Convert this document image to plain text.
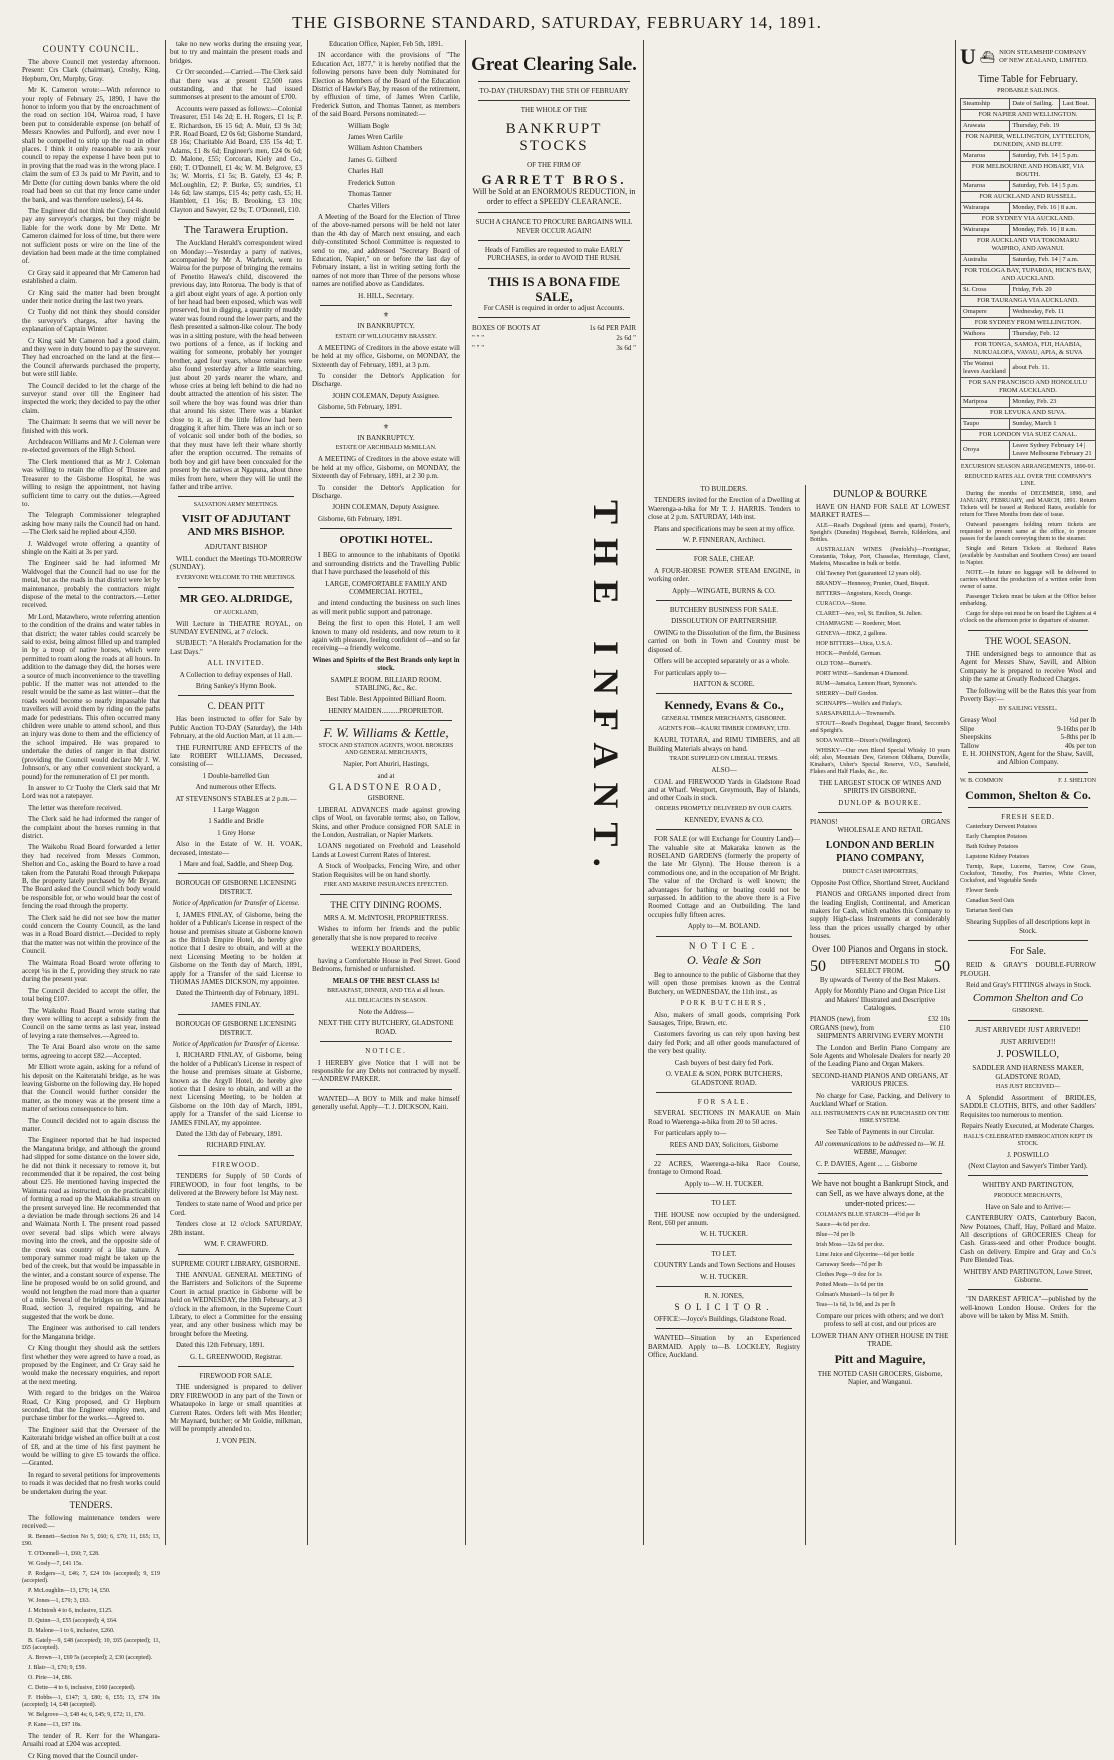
THE GISBORNE STANDARD, SATURDAY, FEBRUARY 14, 1891.
COUNTY COUNCIL.

The above Council met yesterday afternoon. Present: Crs Clark (chairman), Crosby, King, Hepburn, Orr, Murphy, Gray.

Mr K. Cameron wrote:—With reference to your reply of February 25, 1890, I have the honor to inform you that by the encroachment of the road on section 104, Wairoa road, I have been put to considerable expense (on behalf of Messrs Knowles and Pulford), and ever now I shall be compelled to strip up the road in other places. I think it only reasonable to ask your council to repay the expense I have been put to in proving that the road was in the wrong place. I claim the sum of £3 3s paid to Mr Pavitt, and to Mr Dette (for cutting down banks where the old road had been so cut that my fence came under the bank, and was therefore useless), £4 4s.

The Engineer did not think the Council should pay any surveyor's charges, but they might be liable for the work done by Mr Dette. Mr Cameron claimed for loss of time, but there were not sufficient posts or wire on the line of the deviation had been made at the time complained of.

Cr Gray said it appeared that Mr Cameron had established a claim.

Cr King said the matter had been brought under their notice during the last two years.

Cr Tuohy did not think they should consider the surveyor's charges, after having the explanation of Captain Winter.

Cr King said Mr Cameron had a good claim, and they were in duty bound to pay the surveyor. They had encroached on the land at the first—the Council afterwards purchased the property, but were still liable.

The Council decided to let the charge of the surveyor stand over till the Engineer had inspected the work; they decided to pay the other claim.

The Chairman: It seems that we will never be finished with this work.

Archdeacon Williams and Mr J. Coleman were re-elected governors of the High School.

The Clerk mentioned that as Mr J. Coleman was willing to retain the office of Trustee and Treasurer to the Gisborne Hospital, he was willing to resign the appointment, not having sufficient time to carry out the duties.—Agreed to.

The Telegraph Commissioner telegraphed asking how many rails the Council had on hand.—The Clerk said he replied about 4,350.

J. Waldvogel wrote offering a quantity of shingle on the Kaiti at 3s per yard.

The Engineer said he had informed Mr Waldvogel that the Council had no use for the metal, but as the roads in that district were let by maintenance, probably the contractors might dispose of the metal to the contractors.—Letter received.

Mr Lord, Matawhero, wrote referring attention to the condition of the drains and water tables in that district; the water tables could scarcely be said to exist, being almost filled up and trampled in by a troop of native horses, which were permitted to roam along the roads at all hours. In addition to the damage they did, the horses were a source of much inconvenience to the travelling public. If the matter was not attended to the result would be the same as last winter—that the roads would become so nearly impassable that travellers will avoid them by riding on the paths made for pedestrians. This often occurred many children were unable to attend school, and thus an injury was done to them and the efficiency of the school impaired. He was prepared to undertake the duties of ranger in that district (providing the Council would declare Mr J. W. Johnson's, or any other convenient stockyard, a pound) for the remuneration of £1 per month.

In answer to Cr Tuohy the Clerk said that Mr Lord was not a ratepayer.

The letter was therefore received.

The Clerk said he had informed the ranger of the complaint about the horses running in that district.

The Waikohu Road Board forwarded a letter they had received from Messrs Common, Shelton and Co., asking the Board to have a road taken from the Patutahi Road through Pukepapa B, the property lately purchased by Mr Bryant. The Board asked the Council which body would be responsible for, or who would bear the cost of fencing the road through the property.

The Clerk said he did not see how the matter could concern the County Council, as the land was in a Road Board district.—Decided to reply that the matter was not within the province of the Council.

The Waimata Road Board wrote offering to accept ¼s in the £, providing they struck no rate during the present year.

The Council decided to accept the offer, the total being £107.

The Waikohu Road Board wrote stating that they were willing to accept a subsidy from the Council on the same terms as last year, instead of levying a rate themselves.—Agreed to.

The Te Arai Board also wrote on the same terms, agreeing to accept £82.—Accepted.

Mr Elliott wrote again, asking for a refund of his deposit on the Kaiteratahi bridge, as he was leaving Gisborne on the following day. He hoped that the Council would further consider the matter, as the money was at the present time a matter of serious consequence to him.

The Council decided not to again discuss the matter.

The Engineer reported that he had inspected the Mangatuna bridge, and although the ground had slipped for some distance on the lower side, he did not think it necessary to remove it, but recommended that it be repaired, the cost being about £25. He mentioned having inspected the Waimata road as instructed, on the practicability of forming a road up the Makakahika stream on the present surveyed line. He recommended that a deviation be made through sections 26 and 14 and Waimata North I. The present road passed over several bad slips which were always moving into the creek, and the opposite side of the creek was country of a like nature. A temporary summer road might be taken up the bed of the creek, but that would be impassable in the winter, and a constant source of expense. The line he proposed would be on solid ground, and would not lengthen the road more than a quarter of a mile. Several of the bridges on the Waimata Road, section 3, required repairing, and he suggested that the work be done.

The Engineer was authorised to call tenders for the Mangatuna bridge.

Cr King thought they should ask the settlers first whether they were agreed to have a road, as proposed by the Engineer, and Cr Gray said he would make the necessary enquiries, and report at the next meeting.

With regard to the bridges on the Wairoa Road, Cr King proposed, and Cr Hepburn seconded, that the Engineer employ men, and purchase timber for the works.—Agreed to.

The Engineer said that the Overseer of the Kaiteratahi bridge wished an office built at a cost of £8, and at the time of his first payment he would be willing to give £5 towards the office.—Granted.

In regard to several petitions for improvements to roads it was decided that no fresh works could be undertaken during the year.

TENDERS.

The following maintenance tenders were received:—

R. Bennett—Section No 5, £60; 6, £70; 11, £65; 13, £90.

T. O'Donnell—1, £60; 7, £28.

W. Gosly—7, £41 15s.

P. Rodgers—3, £46; 7, £24 10s (accepted); 9, £19 (accepted).

P. McLoughlin—13, £79; 14, £50.

W. Jones—1, £79; 3, £63.

J. McIntosh 4 to 6, inclusive, £125.

D. Quinn—3, £55 (accepted); 4, £64.

D. Malone—1 to 6, inclusive, £260.

B. Gately—9, £48 (accepted); 10, £65 (accepted); 11, £65 (accepted).

A. Brown—1, £69 5s (accepted); 2, £30 (accepted).

J. Blair—3, £70; 9, £59.

O. Pirie—14, £86.

C. Dette—4 to 6, inclusive, £160 (accepted).

F. Hobbs—1, £147; 3, £80; 6, £55; 13, £74 10s (accepted); 14, £48 (accepted).

W. Belgrove—3, £48 4s; 6, £45; 9, £72; 11, £70.

P. Kane—13, £97 18s.

The tender of R. Kerr for the Whangara-Aruaihi road at £204 was accepted.

Cr King moved that the Council under-

take no new works during the ensuing year, but to try and maintain the present roads and bridges.

Cr Orr seconded.—Carried.—The Clerk said that there was at present £2,500 rates outstanding, and that he had issued summonses at present to the amount of £700.

Accounts were passed as follows:—Colonial Treasurer, £51 14s 2d; E. H. Rogers, £1 1s; P. E. Richardson, £6 15 6d; A. Muir, £3 9s 3d; P.R. Road Board, £2 0s 6d; Gisborne Standard, £8 16s; Charitable Aid Board, £35 15s 4d; T. Adams, £1 8s 6d; Engineer's men, £24 0s 6d; D. Malone, £55; Corcoran, Kiely and Co., £60; T. O'Donnell, £1 4s; W. M. Belgrove, £3 3s; W. Morris, £1 5s; B. Gately, £3 4s; P. McLoughlin, £2; P. Burke, £5; sundries, £1 14s 6d; law stamps, £15 4s; petty cash, £5; H. Hamblett, £1 16s; B. Brooking, £3 10s; Clayton and Sawyer, £2 9s; T. O'Donnell, £10.

The Tarawera Eruption.

The Auckland Herald's correspondent wired on Monday:—Yesterday a party of natives, accompanied by Mr A. Warbrick, went to Wairoa for the purpose of bringing the remains of Penetito Hawea's child, discovered the previous day, into Rotorua. The body is that of a girl about eight years of age. A portion only of her head had been exposed, which was well preserved, but in digging, a quantity of muddy water was found round the lower parts, and the flesh presented a salmon-like colour. The body was in a sitting posture, with the head between two portions of a fence, as if locking and waiting for someone, probably her younger brother, aged four years, whose remains were also found yesterday after a little searching, just about 20 yards nearer the whare, and whose cries at being left behind to die had no doubt attracted the attention of his sister. The soil where the boy was found was drier than that around his sister. There was a blanket close to it, as if the little fellow had been dragging it after him. There was an inch or so of volcanic soil under both of the bodies, so that they must have left their whare shortly after the eruption occurred. The remains of both boy and girl have been concealed for the present by the natives at Ngapuna, about three miles from here, where they will lie until the father and tribe arrive.

SALVATION ARMY MEETINGS.

VISIT OF ADJUTANT AND MRS BISHOP.

ADJUTANT BISHOP

WILL conduct the Meetings TO-MORROW (SUNDAY).

EVERYONE WELCOME TO THE MEETINGS.

MR GEO. ALDRIDGE,

OF AUCKLAND,

Will Lecture in THEATRE ROYAL, on SUNDAY EVENING, at 7 o'clock.

SUBJECT: "A Herald's Proclamation for the Last Days."

ALL INVITED.

A Collection to defray expenses of Hall.

Bring Sankey's Hymn Book.

C. DEAN PITT

Has been instructed to offer for Sale by Public Auction TO-DAY (Saturday), the 14th February, at the old Auction Mart, at 11 a.m.—

THE FURNITURE AND EFFECTS of the late ROBERT WILLIAMS, Deceased, consisting of—

1 Double-barrelled Gun

And numerous other Effects.

AT STEVENSON'S STABLES at 2 p.m.—

1 Large Waggon

1 Saddle and Bridle

1 Grey Horse

Also in the Estate of W. H. VOAK, deceased, intestate—

1 Mare and foal, Saddle, and Sheep Dog.

BOROUGH OF GISBORNE LICENSING DISTRICT.

Notice of Application for Transfer of License.

I, JAMES FINLAY, of Gisborne, being the holder of a Publican's License in respect of the house and premises situate at Gisborne known as the British Empire Hotel, do hereby give notice that I desire to obtain, and will at the next Licensing Meeting to be holden at Gisborne on the Tenth day of March, 1891, apply for a Transfer of the said License to THOMAS JAMES DICKSON, my appointee.

Dated the Thirteenth day of February, 1891.

JAMES FINLAY.

BOROUGH OF GISBORNE LICENSING DISTRICT.

Notice of Application for Transfer of License.

I, RICHARD FINLAY, of Gisborne, being the holder of a Publican's License in respect of the house and premises situate at Gisborne, known as the Argyll Hotel, do hereby give notice that I desire to obtain, and will at the next Licensing Meeting, to be holden at Gisborne on the 10th day of March, 1891, apply for a Transfer of the said License to JAMES FINLAY, my appointee.

Dated the 13th day of February, 1891.

RICHARD FINLAY.

FIREWOOD.

TENDERS for Supply of 50 Cords of FIREWOOD, in four foot lengths, to be delivered at the Brewery before 1st May next.

Tenders to state name of Wood and price per Cord.

Tenders close at 12 o'clock SATURDAY, 28th instant.

WM. F. CRAWFORD.

SUPREME COURT LIBRARY, GISBORNE.

THE ANNUAL GENERAL MEETING of the Barristers and Solicitors of the Supreme Court in actual practice in Gisborne will be held on WEDNESDAY, the 18th February, at 3 o'clock in the afternoon, in the Supreme Court Library, to elect a Committee for the ensuing year, and any other business which may be brought before the Meeting.

Dated this 12th February, 1891.

G. L. GREENWOOD, Registrar.

FIREWOOD FOR SALE.

THE undersigned is prepared to deliver DRY FIREWOOD in any part of the Town or Whataupoko in large or small quantities at Current Rates. Orders left with Mrs Hentler; Mr Maynard, butcher; or Mr Goldie, milkman, will be promptly attended to.

J. VON PEIN.

Education Office, Napier, Feb 5th, 1891.

IN accordance with the provisions of "The Education Act, 1877," it is hereby notified that the following persons have been duly Nominated for Election as Members of the Board of the Education District of Hawke's Bay, by reason of the retirement, by effluxion of time, of James Wren Carlile, Frederick Sutton, and Thomas Tanner, as members of the said Board. Persons nominated:—

William Bogle

James Wren Carlile

William Ashton Chambers

James G. Gilberd

Charles Hall

Frederick Sutton

Thomas Tanner

Charles Villers

A Meeting of the Board for the Election of Three of the above-named persons will be held not later than the 4th day of March next ensuing, and each duly-constituted School Committee is requested to send to me, and addressed "Secretary Board of Education, Napier," on or before the last day of February instant, a list in writing setting forth the names of not more than Three of the persons whose names are notified above as Candidates.

H. HILL, Secretary.

⚜

IN BANKRUPTCY.

ESTATE OF WILLOUGHBY BRASSEY.

A MEETING of Creditors in the above estate will be held at my office, Gisborne, on MONDAY, the Sixteenth day of February, 1891, at 3 p.m.

To consider the Debtor's Application for Discharge.

JOHN COLEMAN, Deputy Assignee.

Gisborne, 5th February, 1891.

⚜

IN BANKRUPTCY.

ESTATE OF ARCHIBALD McMILLAN.

A MEETING of Creditors in the above estate will be held at my office, Gisborne, on MONDAY, the Sixteenth day of February, 1891, at 2 30 p.m.

To consider the Debtor's Application for Discharge.

JOHN COLEMAN, Deputy Assignee.

Gisborne, 6th February, 1891.

OPOTIKI HOTEL.

I BEG to announce to the inhabitants of Opotiki and surrounding districts and the Travelling Public that I have purchased the leasehold of this

LARGE, COMFORTABLE FAMILY AND COMMERCIAL HOTEL,

and intend conducting the business on such lines as will merit public support and patronage.

Being the first to open this Hotel, I am well known to many old residents, and now return to it again with pleasure, feeling confident of—and so far receiving—a friendly welcome.

Wines and Spirits of the Best Brands only kept in stock.

SAMPLE ROOM. BILLIARD ROOM. STABLING, &c., &c.

Best Table. Best Appointed Billiard Room.

HENRY MAIDEN..........PROPRIETOR.

F. W. Williams & Kettle,

STOCK AND STATION AGENTS, WOOL BROKERS AND GENERAL MERCHANTS,

Napier, Port Ahuriri, Hastings,

and at

GLADSTONE ROAD,

GISBORNE.

LIBERAL ADVANCES made against growing clips of Wool, on favorable terms; also, on Tallow, Skins, and other Produce consigned FOR SALE in the London, Australian, or Napier Markets.

LOANS negotiated on Freehold and Leasehold Lands at Lowest Current Rates of Interest.

A Stock of Woolpacks, Fencing Wire, and other Station Requisites will be on hand shortly.

FIRE AND MARINE INSURANCES EFFECTED.

THE CITY DINING ROOMS.

MRS A. M. McINTOSH, PROPRIETRESS.

Wishes to inform her friends and the public generally that she is now prepared to receive

WEEKLY BOARDERS,

having a Comfortable House in Peel Street. Good Bedrooms, furnished or unfurnished.

MEALS OF THE BEST CLASS 1s!

BREAKFAST, DINNER, AND TEA at all hours.

ALL DELICACIES IN SEASON.

Note the Address—

NEXT THE CITY BUTCHERY, GLADSTONE ROAD.

NOTICE.

I HEREBY give Notice that I will not be responsible for any Debts not contracted by myself.—ANDREW PARKER.

WANTED—A BOY to Milk and make himself generally useful. Apply—T. J. DICKSON, Kaiti.

Great Clearing Sale.

TO-DAY (THURSDAY) THE 5TH OF FEBRUARY

THE WHOLE OF THE

BANKRUPT STOCKS

OF THE FIRM OF

GARRETT BROS.

Will be Sold at an ENORMOUS REDUCTION, in order to effect a SPEEDY CLEARANCE.

SUCH A CHANCE TO PROCURE BARGAINS WILL NEVER OCCUR AGAIN!

Heads of Families are requested to make EARLY PURCHASES, in order to AVOID THE RUSH.

THIS IS A BONA FIDE SALE,

For CASH is required in order to adjust Accounts.

BOXES OF BOOTS AT	1s 6d PER PAIR
" " "	2s 6d "
" " "	3s 6d "
THE INFANT.

TO BUILDERS.

TENDERS invited for the Erection of a Dwelling at Waerenga-a-hika for Mr T. J. HARRIS. Tenders to close at 2 p.m. SATURDAY, 14th inst.

Plans and specifications may be seen at my office.

W. P. FINNERAN, Architect.

FOR SALE, CHEAP.

A FOUR-HORSE POWER STEAM ENGINE, in working order.

Apply—WINGATE, BURNS & CO.

BUTCHERY BUSINESS FOR SALE.

DISSOLUTION OF PARTNERSHIP.

OWING to the Dissolution of the firm, the Business carried on both in Town and Country must be disposed of.

Offers will be accepted separately or as a whole.

For particulars apply to—

HATTON & SCORE.

Kennedy, Evans & Co.,

GENERAL TIMBER MERCHANTS, GISBORNE.

AGENTS FOR—KAURI TIMBER COMPANY, LTD.

KAURI, TOTARA, and RIMU TIMBERS, and all Building Materials always on hand.

TRADE SUPPLIED ON LIBERAL TERMS.

ALSO—

COAL and FIREWOOD Yards in Gladstone Road and at Wharf. Westport, Greymouth, Bay of Islands, and other Coals in stock.

ORDERS PROMPTLY DELIVERED BY OUR CARTS.

KENNEDY, EVANS & CO.

FOR SALE (or will Exchange for Country Land)—The valuable site at Makaraka known as the ROSELAND GARDENS (formerly the property of the late Mr Glynn). The House thereon is a commodious one, and in the occupation of Mr Bright. The value of the Orchard is well known; the advantages for bathing or boating could not be surpassed. In addition to the above there is a Five Roomed Cottage and an Outbuilding. The land occupies fully fifteen acres.

Apply to—M. BOLAND.

NOTICE.

O. Veale & Son

Beg to announce to the public of Gisborne that they will open those premises known as the Central Butchery, on WEDNESDAY, the 11th inst., as

PORK BUTCHERS,

Also, makers of small goods, comprising Pork Sausages, Tripe, Brawn, etc.

Customers favoring us can rely upon having best dairy fed Pork; and all other goods manufactured of the very best quality.

Cash buyers of best dairy fed Pork.

O. VEALE & SON, PORK BUTCHERS, GLADSTONE ROAD.

FOR SALE.

SEVERAL SECTIONS IN MAKAUE on Main Road to Waerenga-a-hika from 20 to 50 acres.

For particulars apply to—

REES AND DAY, Solicitors, Gisborne

22 ACRES, Waerenga-a-hika Race Course, frontage to Ormond Road.

Apply to—W. H. TUCKER.

TO LET.

THE HOUSE now occupied by the undersigned. Rent, £60 per annum.

W. H. TUCKER.

TO LET.

COUNTRY Lands and Town Sections and Houses

W. H. TUCKER.

R. N. JONES,

SOLICITOR.

OFFICE:—Joyce's Buildings, Gladstone Road.

WANTED—Situation by an Experienced BARMAID. Apply to—B. LOCKLEY, Registry Office, Auckland.

DUNLOP & BOURKE

HAVE ON HAND FOR SALE AT LOWEST MARKET RATES—

ALE—Read's Dogshead (pints and quarts), Foster's, Speight's (Dunedin) Hogshead, Barrels, Kilderkins, and Bottles.

AUSTRALIAN WINES (Penfold's)—Frontignac, Constantia, Tokay, Port, Chasselas, Hermitage, Claret, Madeira, Muscadine in bulk or bottle.

Old Tawney Port (guaranteed 12 years old).

BRANDY—Hennessy, Prunier, Otard, Bisquit.

BITTERS—Angostura, Kocch, Orange.

CURACOA—Stone.

CLARET—two, vol, St. Emilion, St. Julien.

CHAMPAGNE — Roederer, Moet.

GENEVA—JDKZ, 2 gallons.

HOP BITTERS—Utica, U.S.A.

HOCK—Penfold, German.

OLD TOM—Burnett's.

PORT WINE—Sandeman 4 Diamond.

RUM—Jamaica, Lemon Heart, Symons's.

SHERRY—Duff Gordon.

SCHNAPPS—Wolfe's and Finlay's.

SARSAPARILLA—Townsend's.

STOUT—Read's Dogshead, Dagger Brand, Seccomb's and Speight's.

SODA WATER—Dixon's (Wellington).

WHISKY—Our own Blend Special Whisky 10 years old; also, Mountain Dew, Grierson Oldhams, Dunville, Kinahan's, Usher's Special Reserve, V.O., Sansfield, Flakes and Half Flasks, &c., &c.

THE LARGEST STOCK OF WINES AND SPIRITS IN GISBORNE.

DUNLOP & BOURKE.

PIANOS!	ORGANS

WHOLESALE AND RETAIL

LONDON AND BERLIN PIANO COMPANY,

DIRECT CASH IMPORTERS,

Opposite Post Office, Shortland Street, Auckland

PIANOS and ORGANS imported direct from the leading English, Continental, and American makers for Cash, which enables this Company to supply High-class Instruments at considerably less than the prices usually charged by other houses.

Over 100 Pianos and Organs in stock.

50	DIFFERENT MODELS TO SELECT FROM.	50

By upwards of Twenty of the Best Makers.

Apply for Monthly Piano and Organ Price List and Makers' Illustrated and Descriptive Catalogues.

PIANOS (new), from	£32 10s
ORGANS (new), from	£10

SHIPMENTS ARRIVING EVERY MONTH

The London and Berlin Piano Company are Sole Agents and Wholesale Dealers for nearly 20 of the Leading Piano and Organ Makers.

SECOND-HAND PIANOS AND ORGANS, AT VARIOUS PRICES.

No charge for Case, Packing, and Delivery to Auckland Wharf or Station.

ALL INSTRUMENTS CAN BE PURCHASED ON THE HIRE SYSTEM.

See Table of Payments in our Circular.

All communications to be addressed to—W. H. WEBBE, Manager.

C. P. DAVIES, Agent ... ... Gisborne

We have not bought a Bankrupt Stock, and can Sell, as we have always done, at the under-noted prices:—

COLMAN'S BLUE STARCH—4½d per lb

Sauce—4s 6d per doz.

Blue—7d per lb

Irish Moss—12s 6d per doz.

Lime Juice and Glycerine—6d per bottle

Carraway Seeds—7d per lb

Clothes Pegs—9 doz for 1s

Potted Meats—1s 6d per tin

Colman's Mustard—1s 6d per lb

Teas—1s 6d, 1s 9d, and 2s per lb

Compare our prices with others; and we don't profess to sell at cost, and our prices are

LOWER THAN ANY OTHER HOUSE IN THE TRADE.

Pitt and Maguire,

THE NOTED CASH GROCERS, Gisborne, Napier, and Wanganui.

U ⛴ NION STEAMSHIP COMPANY OF NEW ZEALAND, LIMITED.
Time Table for February.

PROBABLE SAILINGS.

Steamship	Date of Sailing.	Last Boat.
FOR NAPIER AND WELLINGTON.		
Arawata	Thursday, Feb. 19	
FOR NAPIER, WELLINGTON, LYTTELTON, DUNEDIN, AND BLUFF.		
Mararoa	Saturday, Feb. 14 | 5 p.m.	
FOR MELBOURNE AND HOBART, VIA BOUTH.		
Mararoa	Saturday, Feb. 14 | 5 p.m.	
FOR AUCKLAND AND RUSSELL.		
Wairarapa	Monday, Feb. 16 | 8 a.m.	
FOR SYDNEY VIA AUCKLAND.		
Wairarapa	Monday, Feb. 16 | 8 a.m.	
FOR AUCKLAND VIA TOKOMARU WAIPIRO, AND AWANUI.		
Australia	Saturday, Feb. 14 | 7 a.m.	
FOR TOLOGA BAY, TUPAROA, HICK'S BAY, AND AUCKLAND.		
St. Cross	Friday, Feb. 20	
FOR TAURANGA VIA AUCKLAND.		
Omapere	Wednesday, Feb. 11	
FOR SYDNEY FROM WELLINGTON.		
Waihora	Thursday, Feb. 12	
FOR TONGA, SAMOA, FIJI, HAABIA, NUKUALOFA, VAVAU, APIA, & SUVA		
The Wainui leaves Auckland	about Feb. 11.	
FOR SAN FRANCISCO AND HONOLULU FROM AUCKLAND.		
Mariposa	Monday, Feb. 23	
FOR LEVUKA AND SUVA.		
Taupo	Sunday, March 1	
FOR LONDON VIA SUEZ CANAL.		
Oroya	Leave Sydney February 14 | Leave Melbourne February 21	

EXCURSION SEASON ARRANGEMENTS, 1890-91.

REDUCED RATES ALL OVER THE COMPANY'S LINE.

During the months of DECEMBER, 1890, and JANUARY, FEBRUARY, and MARCH, 1891. Return Tickets will be issued at Reduced Rates, available for return for Three Months from date of issue.

Outward passengers holding return tickets are requested to present same at the office, to procure passes for the launch conveying them to the steamer.

Single and Return Tickets at Reduced Rates (available by Australian and Southern Cross) are issued to Napier.

NOTE.—In future no luggage will be delivered to carriers without the production of a written order from owner of same.

Passenger Tickets must be taken at the Office before embarking.

Cargo for ships out must be on board the Lighters at 4 o'clock on the afternoon prior to departure of steamer.

THE WOOL SEASON.

THE undersigned begs to announce that as Agent for Messrs Shaw, Savill, and Albion Company he is prepared to receive Wool and ship the same at Greatly Reduced Charges.

The following will be the Rates this year from Poverty Bay:—

BY SAILING VESSEL.

Greasy Wool	½d per lb
Slipe	9-16ths per lb
Sheepskins	5-8ths per lb
Tallow	40s per ton

E. H. JOHNSTON, Agent for the Shaw, Savill, and Albion Company.

W. B. COMMON	F. J. SHELTON
Common, Shelton & Co.

FRESH SEED.

Canterbury Derwent Potatoes

Early Champion Potatoes

Bath Kidney Potatoes

Lapstone Kidney Potatoes

Turnip, Rape, Lucerne, Tarrow, Cow Grass, Cocksfoot, Timothy, Fox Prairies, White Clover, Cocksfoot, and Vegetable Seeds

Flower Seeds

Canadian Seed Oats

Tartarian Seed Oats

Shearing Supplies of all descriptions kept in Stock.

For Sale.

REID & GRAY'S DOUBLE-FURROW PLOUGH.

Reid and Gray's FITTINGS always in Stock.

Common Shelton and Co

GISBORNE.

JUST ARRIVED! JUST ARRIVED!!

JUST ARRIVED!!!

J. POSWILLO,

SADDLER AND HARNESS MAKER, GLADSTONE ROAD,

HAS JUST RECEIVED—

A Splendid Assortment of BRIDLES, SADDLE CLOTHS, BITS, and other Saddlers' Requisites too numerous to mention.

Repairs Neatly Executed, at Moderate Charges.

HALL'S CELEBRATED EMBROCATION KEPT IN STOCK.

J. POSWILLO

(Next Clayton and Sawyer's Timber Yard).

WHITBY AND PARTINGTON,

PRODUCE MERCHANTS,

Have on Sale and to Arrive:—

CANTERBURY OATS, Canterbury Bacon, New Potatoes, Chaff, Hay, Pollard and Maize. All descriptions of GROCERIES Cheap for Cash. Grass-seed and other Produce bought. Cash on delivery. Empire and Gray and Co.'s Pure Blended Teas.

WHITBY AND PARTINGTON, Lowe Street, Gisborne.

"IN DARKEST AFRICA"—published by the well-known London House. Orders for the above will be taken by Miss M. Smith.
